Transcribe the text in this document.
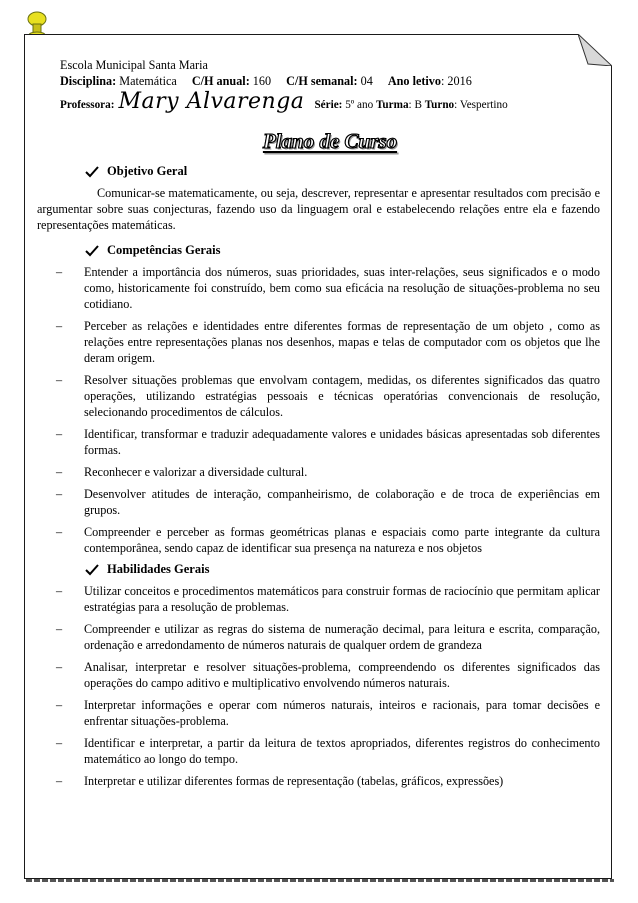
Escola Municipal Santa Maria
Disciplina: Matemática C/H anual: 160 C/H semanal: 04 Ano letivo: 2016
Professora: Mary Alvarenga Série:
5º ano
Turma : B
Turno : Vespertino
Plano de Curso
Objetivo Geral
Comunicar-se matematicamente, ou seja, descrever, representar e apresentar resultados com precisão e argumentar sobre suas conjecturas, fazendo uso da linguagem oral e estabelecendo relações entre ela e fazendo representações matemáticas.
Competências Gerais
– Entender a importância dos números, suas prioridades, suas inter-relações, seus significados e o modo como, historicamente foi construído, bem como sua eficácia na resolução de situações-problema no seu cotidiano.
– Perceber as relações e identidades entre diferentes formas de representação de um objeto , como as relações entre representações planas nos desenhos, mapas e telas de computador com os objetos que lhe deram origem.
– Resolver situações problemas que envolvam contagem, medidas, os diferentes significados das quatro operações, utilizando estratégias pessoais e técnicas operatórias convencionais de resolução, selecionando procedimentos de cálculos.
– Identificar, transformar e traduzir adequadamente valores e unidades básicas apresentadas sob diferentes formas.
– Reconhecer e valorizar a diversidade cultural.
– Desenvolver atitudes de interação, companheirismo, de colaboração e de troca de experiências em grupos.
– Compreender e perceber as formas geométricas planas e espaciais como parte integrante da cultura contemporânea, sendo capaz de identificar sua presença na natureza e nos objetos
Habilidades Gerais
– Utilizar conceitos e procedimentos matemáticos para construir formas de raciocínio que permitam aplicar estratégias para a resolução de problemas.
– Compreender e utilizar as regras do sistema de numeração decimal, para leitura e escrita, comparação, ordenação e arredondamento de números naturais de qualquer ordem de grandeza
– Analisar, interpretar e resolver situações-problema, compreendendo os diferentes significados das operações do campo aditivo e multiplicativo envolvendo números naturais.
– Interpretar informações e operar com números naturais, inteiros e racionais, para tomar decisões e enfrentar situações-problema.
– Identificar e interpretar, a partir da leitura de textos apropriados, diferentes registros do conhecimento matemático ao longo do tempo.
– Interpretar e utilizar diferentes formas de representação (tabelas, gráficos, expressões)
